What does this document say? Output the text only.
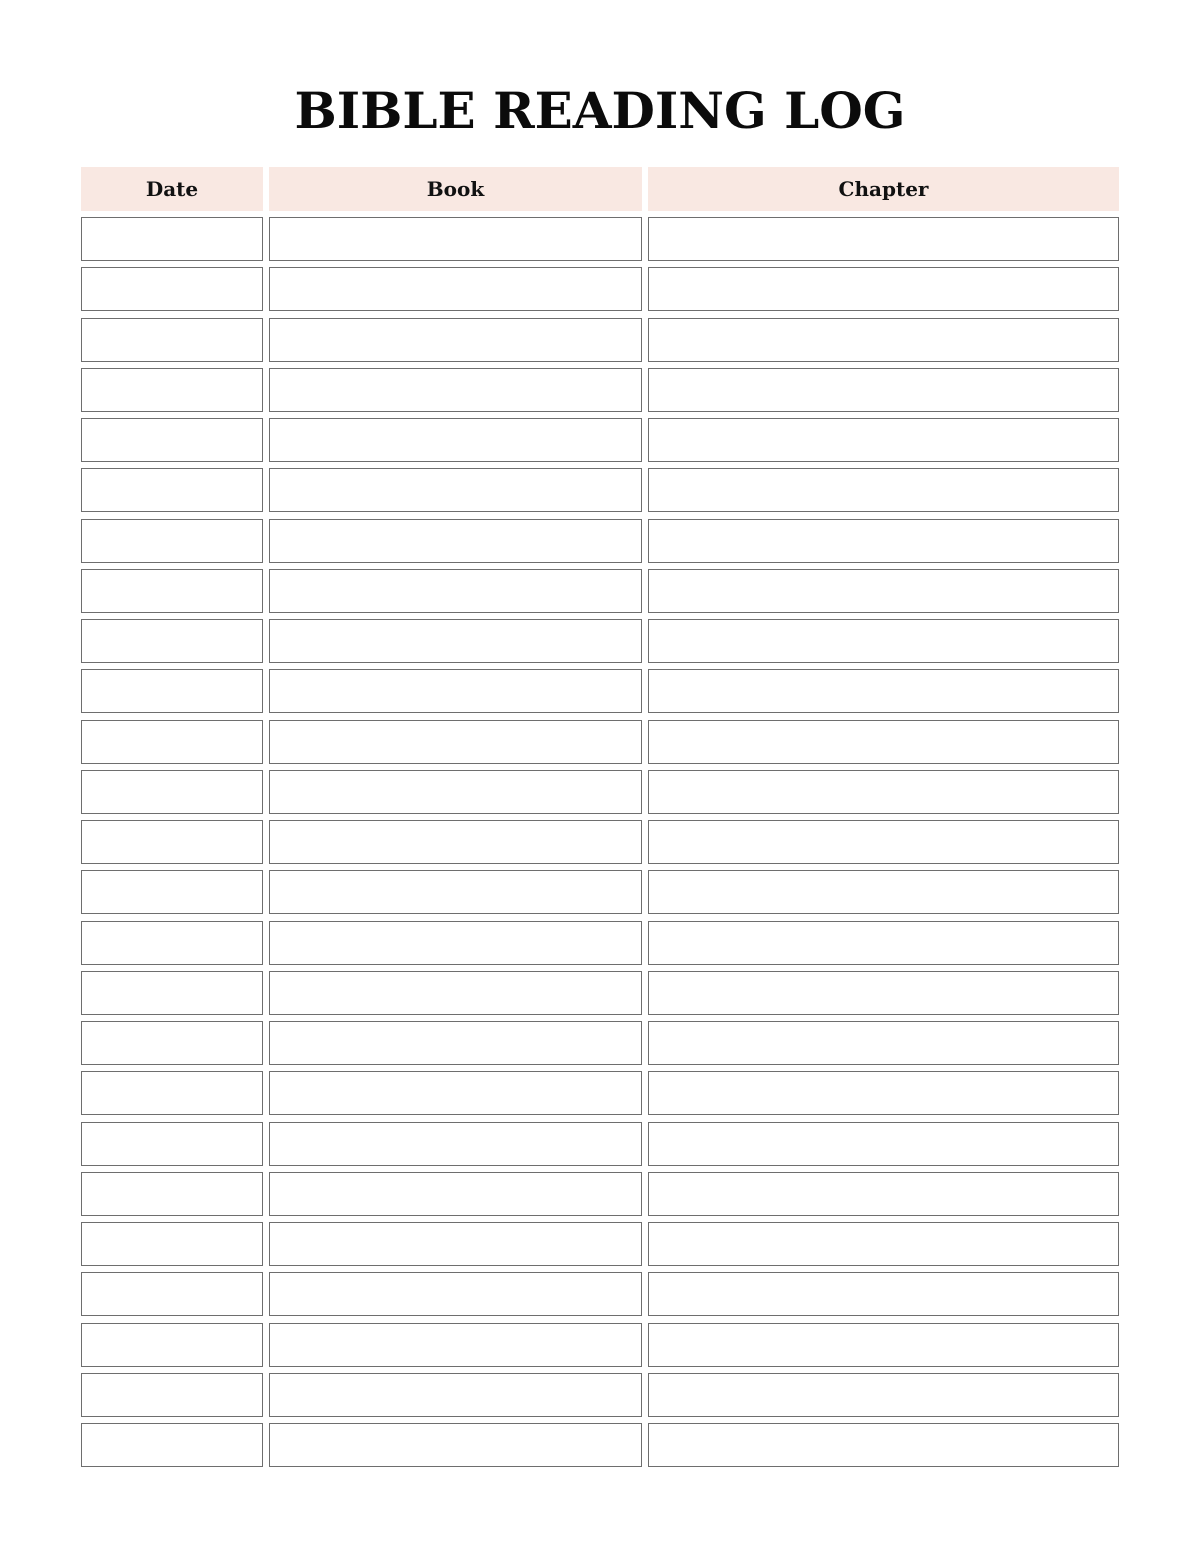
BIBLE READING LOG
Date	Book	Chapter
